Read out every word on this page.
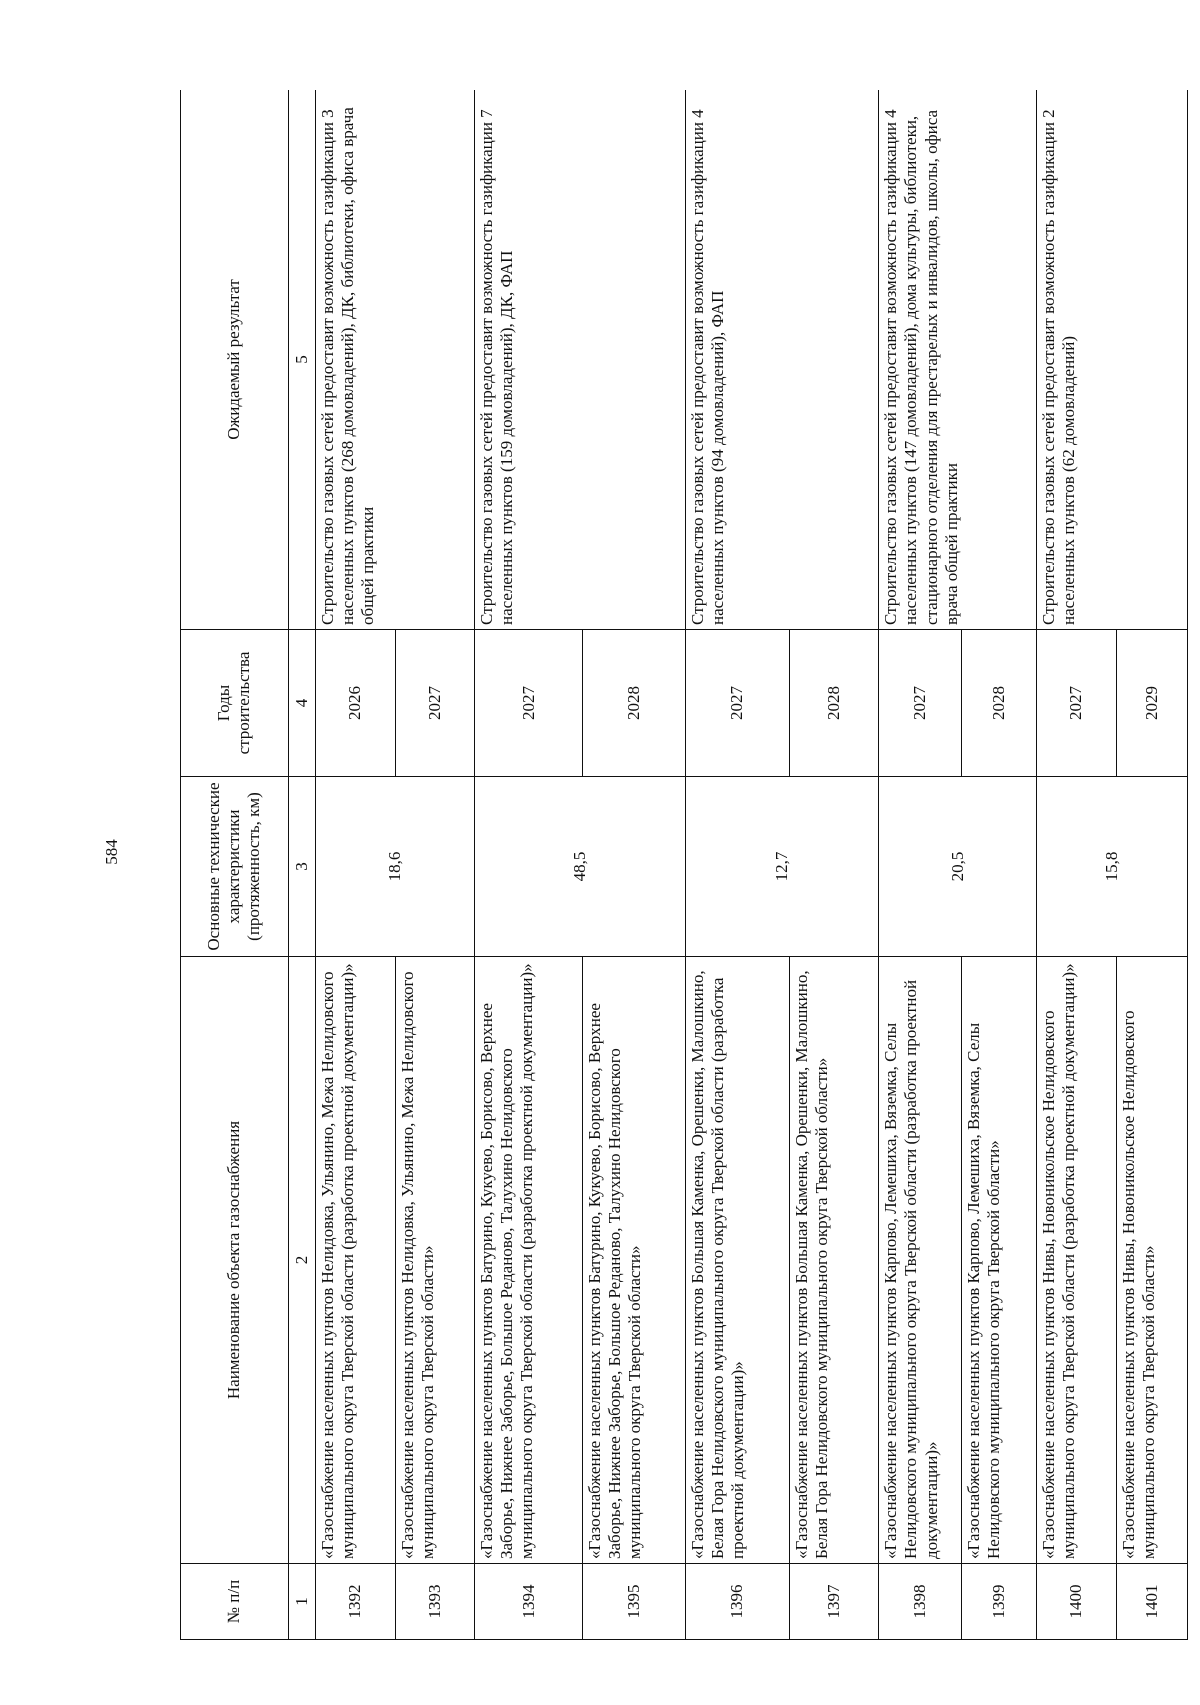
584
№ п/п	Наименование объекта газоснабжения	Основные технические характеристики (протяженность, км)	Годы строительства	Ожидаемый результат
1	2	3	4	5
1392	«Газоснабжение населенных пунктов Нелидовка, Ульянино, Межа Нелидовского муниципального округа Тверской области (разработка проектной документации)»	18,6	2026	Строительство газовых сетей предоставит возможность газификации 3 населенных пунктов (268 домовладений), ДК, библиотеки, офиса врача общей практики
1393	«Газоснабжение населенных пунктов Нелидовка, Ульянино, Межа Нелидовского муниципального округа Тверской области»		2027	
1394	«Газоснабжение населенных пунктов Батурино, Кукуево, Борисово, Верхнее Заборье, Нижнее Заборье, Большое Реданово, Талухино Нелидовского муниципального округа Тверской области (разработка проектной документации)»	48,5	2027	Строительство газовых сетей предоставит возможность газификации 7 населенных пунктов (159 домовладений), ДК, ФАП
1395	«Газоснабжение населенных пунктов Батурино, Кукуево, Борисово, Верхнее Заборье, Нижнее Заборье, Большое Реданово, Талухино Нелидовского муниципального округа Тверской области»		2028	
1396	«Газоснабжение населенных пунктов Большая Каменка, Орешенки, Малошкино, Белая Гора Нелидовского муниципального округа Тверской области (разработка проектной документации)»	12,7	2027	Строительство газовых сетей предоставит возможность газификации 4 населенных пунктов (94 домовладений), ФАП
1397	«Газоснабжение населенных пунктов Большая Каменка, Орешенки, Малошкино, Белая Гора Нелидовского муниципального округа Тверской области»		2028	
1398	«Газоснабжение населенных пунктов Карпово, Лемешиха, Вяземка, Селы Нелидовского муниципального округа Тверской области (разработка проектной документации)»	20,5	2027	Строительство газовых сетей предоставит возможность газификации 4 населенных пунктов (147 домовладений), дома культуры, библиотеки, стационарного отделения для престарелых и инвалидов, школы, офиса врача общей практики
1399	«Газоснабжение населенных пунктов Карпово, Лемешиха, Вяземка, Селы Нелидовского муниципального округа Тверской области»		2028	
1400	«Газоснабжение населенных пунктов Нивы, Новоникольское Нелидовского муниципального округа Тверской области (разработка проектной документации)»	15,8	2027	Строительство газовых сетей предоставит возможность газификации 2 населенных пунктов (62 домовладений)
1401	«Газоснабжение населенных пунктов Нивы, Новоникольское Нелидовского муниципального округа Тверской области»		2029	
